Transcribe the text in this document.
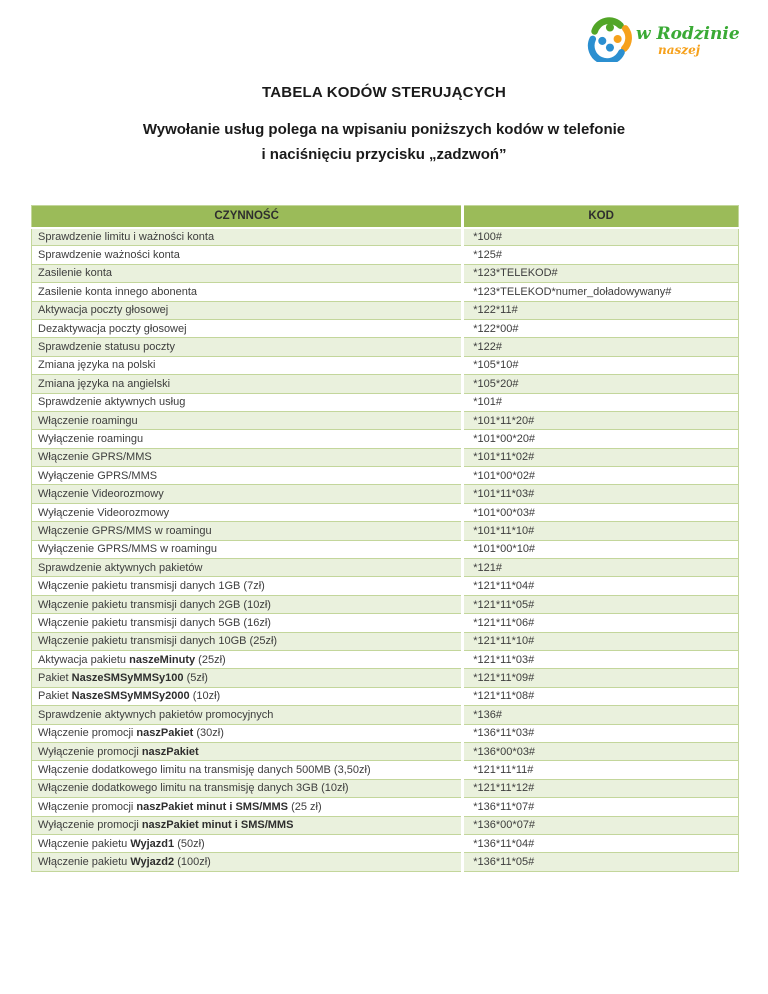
w Rodzinie
naszej
TABELA KODÓW STERUJĄCYCH
Wywołanie usług polega na wpisaniu poniższych kodów w telefonie
i naciśnięciu przycisku „zadzwoń”
CZYNNOŚĆ	KOD
Sprawdzenie limitu i ważności konta	*100#
Sprawdzenie ważności konta	*125#
Zasilenie konta	*123*TELEKOD#
Zasilenie konta innego abonenta	*123*TELEKOD*numer_doładowywany#
Aktywacja poczty głosowej	*122*11#
Dezaktywacja poczty głosowej	*122*00#
Sprawdzenie statusu poczty	*122#
Zmiana języka na polski	*105*10#
Zmiana języka na angielski	*105*20#
Sprawdzenie aktywnych usług	*101#
Włączenie roamingu	*101*11*20#
Wyłączenie roamingu	*101*00*20#
Włączenie GPRS/MMS	*101*11*02#
Wyłączenie GPRS/MMS	*101*00*02#
Włączenie Videorozmowy	*101*11*03#
Wyłączenie Videorozmowy	*101*00*03#
Włączenie GPRS/MMS w roamingu	*101*11*10#
Wyłączenie GPRS/MMS w roamingu	*101*00*10#
Sprawdzenie aktywnych pakietów	*121#
Włączenie pakietu transmisji danych 1GB (7zł)	*121*11*04#
Włączenie pakietu transmisji danych 2GB (10zł)	*121*11*05#
Włączenie pakietu transmisji danych 5GB (16zł)	*121*11*06#
Włączenie pakietu transmisji danych 10GB (25zł)	*121*11*10#
Aktywacja pakietu naszeMinuty (25zł)	*121*11*03#
Pakiet NaszeSMSyMMSy100 (5zł)	*121*11*09#
Pakiet NaszeSMSyMMSy2000 (10zł)	*121*11*08#
Sprawdzenie aktywnych pakietów promocyjnych	*136#
Włączenie promocji naszPakiet (30zł)	*136*11*03#
Wyłączenie promocji naszPakiet	*136*00*03#
Włączenie dodatkowego limitu na transmisję danych 500MB (3,50zł)	*121*11*11#
Włączenie dodatkowego limitu na transmisję danych 3GB (10zł)	*121*11*12#
Włączenie promocji naszPakiet minut i SMS/MMS (25 zł)	*136*11*07#
Wyłączenie promocji naszPakiet minut i SMS/MMS	*136*00*07#
Włączenie pakietu Wyjazd1 (50zł)	*136*11*04#
Włączenie pakietu Wyjazd2 (100zł)	*136*11*05#
